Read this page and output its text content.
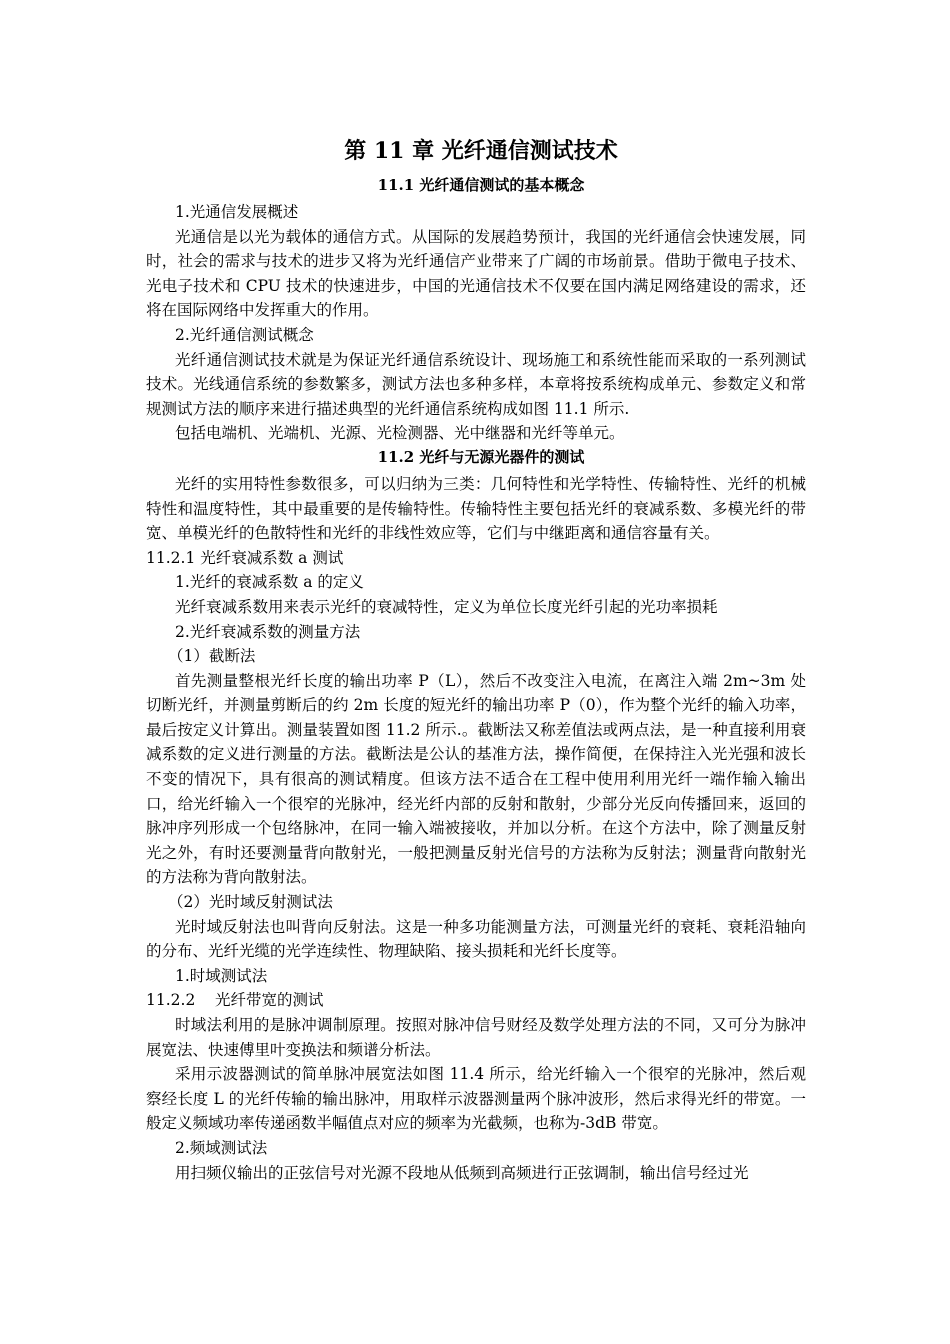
第 11 章 光纤通信测试技术
11.1 光纤通信测试的基本概念
1.光通信发展概述
光通信是以光为载体的通信方式。从国际的发展趋势预计，我国的光纤通信会快速发展，同时，社会的需求与技术的进步又将为光纤通信产业带来了广阔的市场前景。借助于微电子技术、光电子技术和 CPU 技术的快速进步，中国的光通信技术不仅要在国内满足网络建设的需求，还将在国际网络中发挥重大的作用。
2.光纤通信测试概念
光纤通信测试技术就是为保证光纤通信系统设计、现场施工和系统性能而采取的一系列测试技术。光线通信系统的参数繁多，测试方法也多种多样，本章将按系统构成单元、参数定义和常规测试方法的顺序来进行描述典型的光纤通信系统构成如图 11.1 所示.
包括电端机、光端机、光源、光检测器、光中继器和光纤等单元。
11.2 光纤与无源光器件的测试
光纤的实用特性参数很多，可以归纳为三类：几何特性和光学特性、传输特性、光纤的机械特性和温度特性，其中最重要的是传输特性。传输特性主要包括光纤的衰减系数、多模光纤的带宽、单模光纤的色散特性和光纤的非线性效应等，它们与中继距离和通信容量有关。
11.2.1 光纤衰减系数 a 测试
1.光纤的衰减系数 a 的定义
光纤衰减系数用来表示光纤的衰减特性，定义为单位长度光纤引起的光功率损耗
2.光纤衰减系数的测量方法
（1）截断法
首先测量整根光纤长度的输出功率 P（L），然后不改变注入电流，在离注入端 2m~3m 处切断光纤，并测量剪断后的约 2m 长度的短光纤的输出功率 P（0），作为整个光纤的输入功率，最后按定义计算出。测量装置如图 11.2 所示.。截断法又称差值法或两点法，是一种直接利用衰减系数的定义进行测量的方法。截断法是公认的基准方法，操作简便，在保持注入光光强和波长不变的情况下，具有很高的测试精度。但该方法不适合在工程中使用利用光纤一端作输入输出口，给光纤输入一个很窄的光脉冲，经光纤内部的反射和散射，少部分光反向传播回来，返回的脉冲序列形成一个包络脉冲，在同一输入端被接收，并加以分析。在这个方法中，除了测量反射光之外，有时还要测量背向散射光，一般把测量反射光信号的方法称为反射法；测量背向散射光的方法称为背向散射法。
（2）光时域反射测试法
光时域反射法也叫背向反射法。这是一种多功能测量方法，可测量光纤的衰耗、衰耗沿轴向的分布、光纤光缆的光学连续性、物理缺陷、接头损耗和光纤长度等。
1.时域测试法
11.2.2    光纤带宽的测试
时域法利用的是脉冲调制原理。按照对脉冲信号财经及数学处理方法的不同，又可分为脉冲展宽法、快速傅里叶变换法和频谱分析法。
采用示波器测试的简单脉冲展宽法如图 11.4 所示，给光纤输入一个很窄的光脉冲，然后观察经长度 L 的光纤传输的输出脉冲，用取样示波器测量两个脉冲波形，然后求得光纤的带宽。一般定义频域功率传递函数半幅值点对应的频率为光截频，也称为-3dB 带宽。
2.频域测试法
用扫频仪输出的正弦信号对光源不段地从低频到高频进行正弦调制，输出信号经过光
